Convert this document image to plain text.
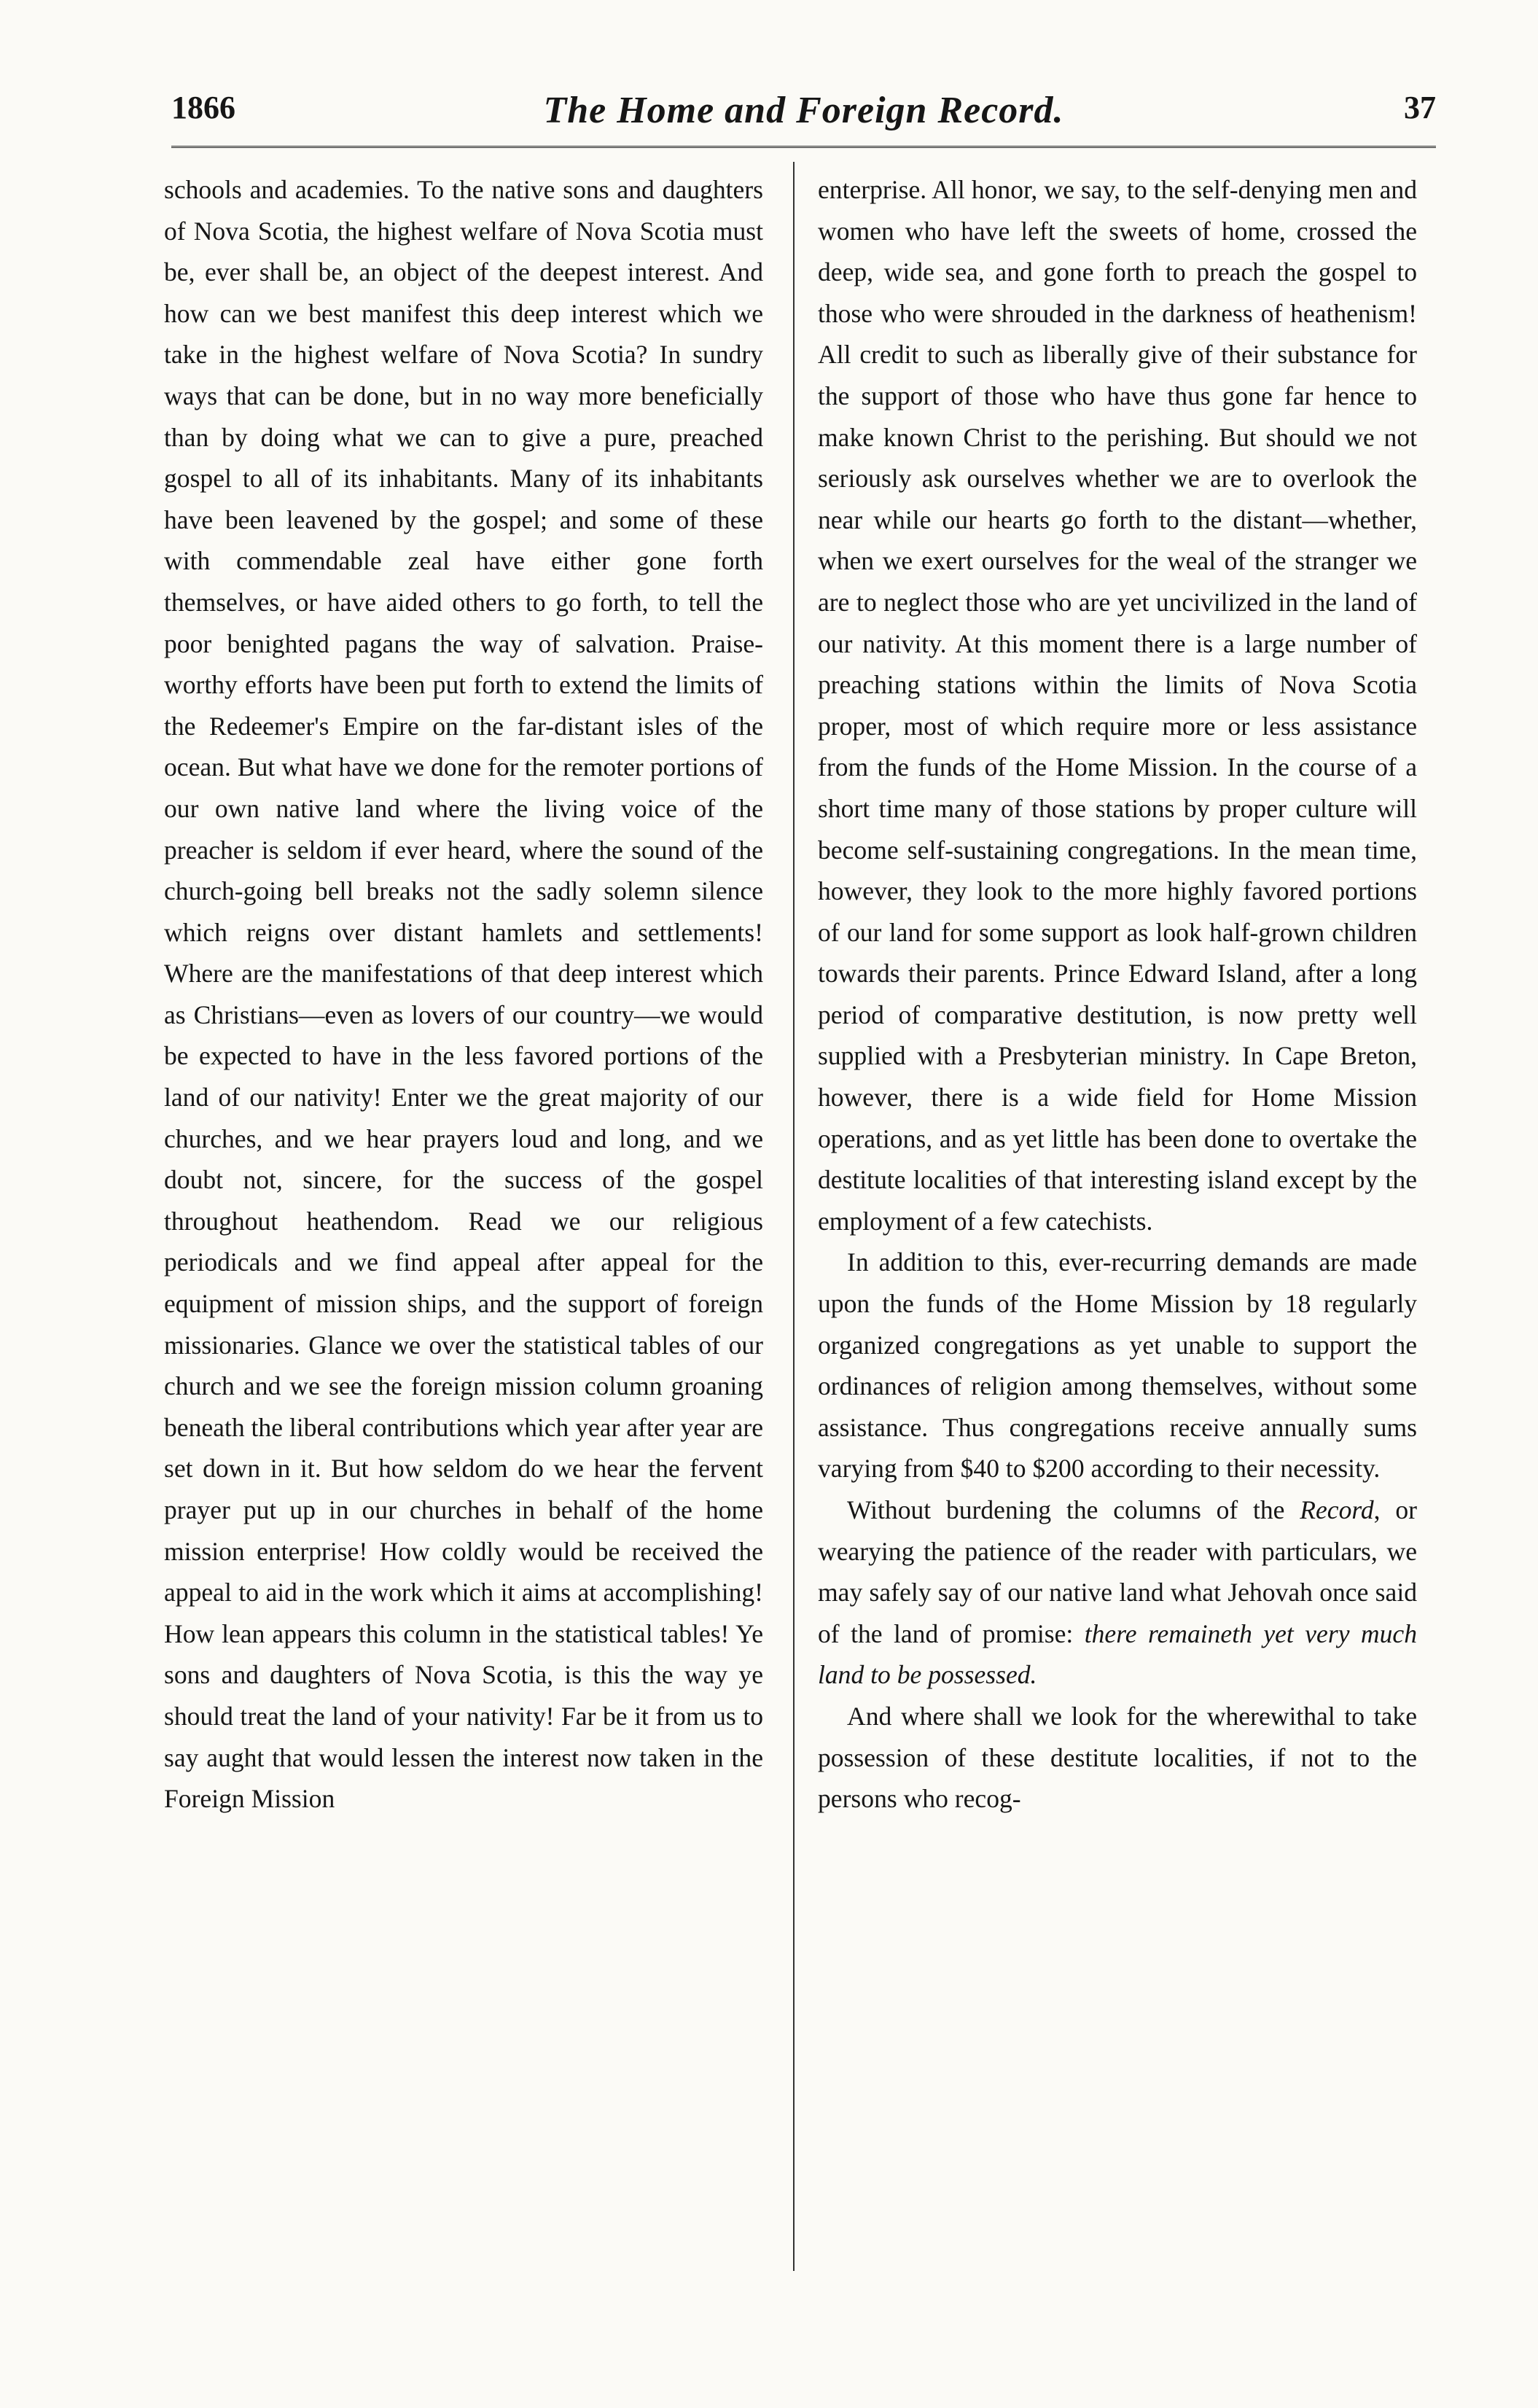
1866	The Home and Foreign Record.	37

schools and academies. To the native sons and daughters of Nova Scotia, the highest welfare of Nova Scotia must be, ever shall be, an object of the deepest interest. And how can we best manifest this deep interest which we take in the highest welfare of Nova Scotia? In sundry ways that can be done, but in no way more beneficially than by doing what we can to give a pure, preached gospel to all of its inhabitants. Many of its inhabitants have been leavened by the gospel; and some of these with commendable zeal have either gone forth themselves, or have aided others to go forth, to tell the poor benighted pagans the way of salvation. Praise-worthy efforts have been put forth to extend the limits of the Redeemer's Empire on the far-distant isles of the ocean. But what have we done for the remoter portions of our own native land where the living voice of the preacher is seldom if ever heard, where the sound of the church-going bell breaks not the sadly solemn silence which reigns over distant hamlets and settlements! Where are the manifestations of that deep interest which as Christians—even as lovers of our country—we would be expected to have in the less favored portions of the land of our nativity! Enter we the great majority of our churches, and we hear prayers loud and long, and we doubt not, sincere, for the success of the gospel throughout heathendom. Read we our religious periodicals and we find appeal after appeal for the equipment of mission ships, and the support of foreign missionaries. Glance we over the statistical tables of our church and we see the foreign mission column groaning beneath the liberal contributions which year after year are set down in it. But how seldom do we hear the fervent prayer put up in our churches in behalf of the home mission enterprise! How coldly would be received the appeal to aid in the work which it aims at accomplishing! How lean appears this column in the statistical tables! Ye sons and daughters of Nova Scotia, is this the way ye should treat the land of your nativity! Far be it from us to say aught that would lessen the interest now taken in the Foreign Mission

enterprise. All honor, we say, to the self-denying men and women who have left the sweets of home, crossed the deep, wide sea, and gone forth to preach the gospel to those who were shrouded in the darkness of heathenism! All credit to such as liberally give of their substance for the support of those who have thus gone far hence to make known Christ to the perishing. But should we not seriously ask ourselves whether we are to overlook the near while our hearts go forth to the distant—whether, when we exert ourselves for the weal of the stranger we are to neglect those who are yet uncivilized in the land of our nativity. At this moment there is a large number of preaching stations within the limits of Nova Scotia proper, most of which require more or less assistance from the funds of the Home Mission. In the course of a short time many of those stations by proper culture will become self-sustaining congregations. In the mean time, however, they look to the more highly favored portions of our land for some support as look half-grown children towards their parents. Prince Edward Island, after a long period of comparative destitution, is now pretty well supplied with a Presbyterian ministry. In Cape Breton, however, there is a wide field for Home Mission operations, and as yet little has been done to overtake the destitute localities of that interesting island except by the employment of a few catechists.

In addition to this, ever-recurring demands are made upon the funds of the Home Mission by 18 regularly organized congregations as yet unable to support the ordinances of religion among themselves, without some assistance. Thus congregations receive annually sums varying from $40 to $200 according to their necessity.

Without burdening the columns of the Record, or wearying the patience of the reader with particulars, we may safely say of our native land what Jehovah once said of the land of promise: there remaineth yet very much land to be possessed.

And where shall we look for the wherewithal to take possession of these destitute localities, if not to the persons who recog-
